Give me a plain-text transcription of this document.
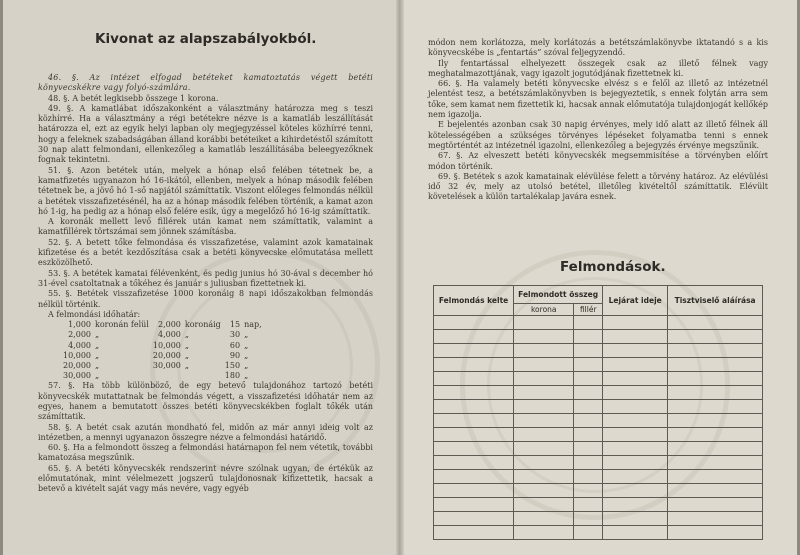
Kivonat az alapszabályokból.

46. §. Az intézet elfogad betéteket kamatoztatás végett betéti könyvecskékre vagy folyó-számlára.

48. §. A betét legkisebb összege 1 korona.

49. §. A kamatlábat időszakonként a választmány határozza meg s teszi közhírré. Ha a választmány a régi betétekre nézve is a kamatláb leszállítását határozza el, ezt az egyik helyi lapban oly megjegyzéssel köteles közhírré tenni, hogy a feleknek szabadságában álland korábbi betéteiket a kihirdetéstől számított 30 nap alatt felmondani, ellenkezőleg a kamatláb leszállításába beleegyezőknek fognak tekintetni.

51. §. Azon betétek után, melyek a hónap első felében tétetnek be, a kamatfizetés ugyanazon hó 16-ikától, ellenben, melyek a hónap második felében tétetnek be, a jövő hó 1-ső napjától számíttatik. Viszont előleges felmondás nélkül a betétek visszafizetésénél, ha az a hónap második felében történik, a kamat azon hó 1-ig, ha pedig az a hónap első felére esik, úgy a megelőző hó 16-ig számíttatik.

A koronák mellett levő fillérek után kamat nem számíttatik, valamint a kamatfillérek törtszámai sem jönnek számításba.

52. §. A betett tőke felmondása és visszafizetése, valamint azok kamatainak kifizetése és a betét kezdőszítása csak a betéti könyvecske előmutatása mellett eszközölhető.

53. §. A betétek kamatai félévenként, és pedig junius hó 30-ával s december hó 31-ével csatoltatnak a tőkéhez és január s juliusban fizettetnek ki.

55. §. Betétek visszafizetése 1000 koronáig 8 napi időszakokban felmondás nélkül történik.

A felmondási időhatár:

1,000	koronán felül	2,000	koronáig	15	nap,
2,000	„	4,000	„	30	„
4,000	„	10,000	„	60	„
10,000	„	20,000	„	90	„
20,000	„	30,000	„	150	„
30,000	„			180	„

57. §. Ha több különböző, de egy betevő tulajdonához tartozó betéti könyvecskék mutattatnak be felmondás végett, a visszafizetési időhatár nem az egyes, hanem a bemutatott összes betéti könyvecskékben foglalt tőkék után számíttatik.

58. §. A betét csak azután mondható fel, midőn az már annyi ideig volt az intézetben, a mennyi ugyanazon összegre nézve a felmondási határidő.

60. §. Ha a felmondott összeg a felmondási határnapon fel nem vétetik, további kamatozása megszűnik.

65. §. A betéti könyvecskék rendszerint névre szólnak ugyan, de értékük az előmutatónak, mint vélelmezett jogszerű tulajdonosnak kifizettetik, hacsak a betevő a kivételt saját vagy más nevére, vagy egyéb

módon nem korlátozza, mely korlátozás a betétszámlakönyvbe iktatandó s a kis könyvecskébe is „fentartás” szóval feljegyzendő.

Ily fentartással elhelyezett összegek csak az illető félnek vagy meghatalmazottjának, vagy igazolt jogutódjának fizettetnek ki.

66. §. Ha valamely betéti könyvecske elvész s e felől az illető az intézetnél jelentést tesz, a betétszámlakönyvben is bejegyeztetik, s ennek folytán arra sem tőke, sem kamat nem fizettetik ki, hacsak annak előmutatója tulajdonjogát kellőkép nem igazolja.

E bejelentés azonban csak 30 napig érvényes, mely idő alatt az illető félnek áll kötelességében a szükséges törvényes lépéseket folyamatba tenni s ennek megtörténtét az intézetnél igazolni, ellenkezőleg a bejegyzés érvénye megszűnik.

67. §. Az elveszett betéti könyvecskék megsemmisítése a törvényben előírt módon történik.

69. §. Betétek s azok kamatainak elévülése felett a törvény határoz. Az elévülési idő 32 év, mely az utolsó betétel, illetőleg kivételtől számíttatik. Elévült követelések a külön tartalékalap javára esnek.

Felmondások.
Felmondás kelte	Felmondott összeg		Lejárat ideje	Tisztviselő aláírása
	korona	fillér		
